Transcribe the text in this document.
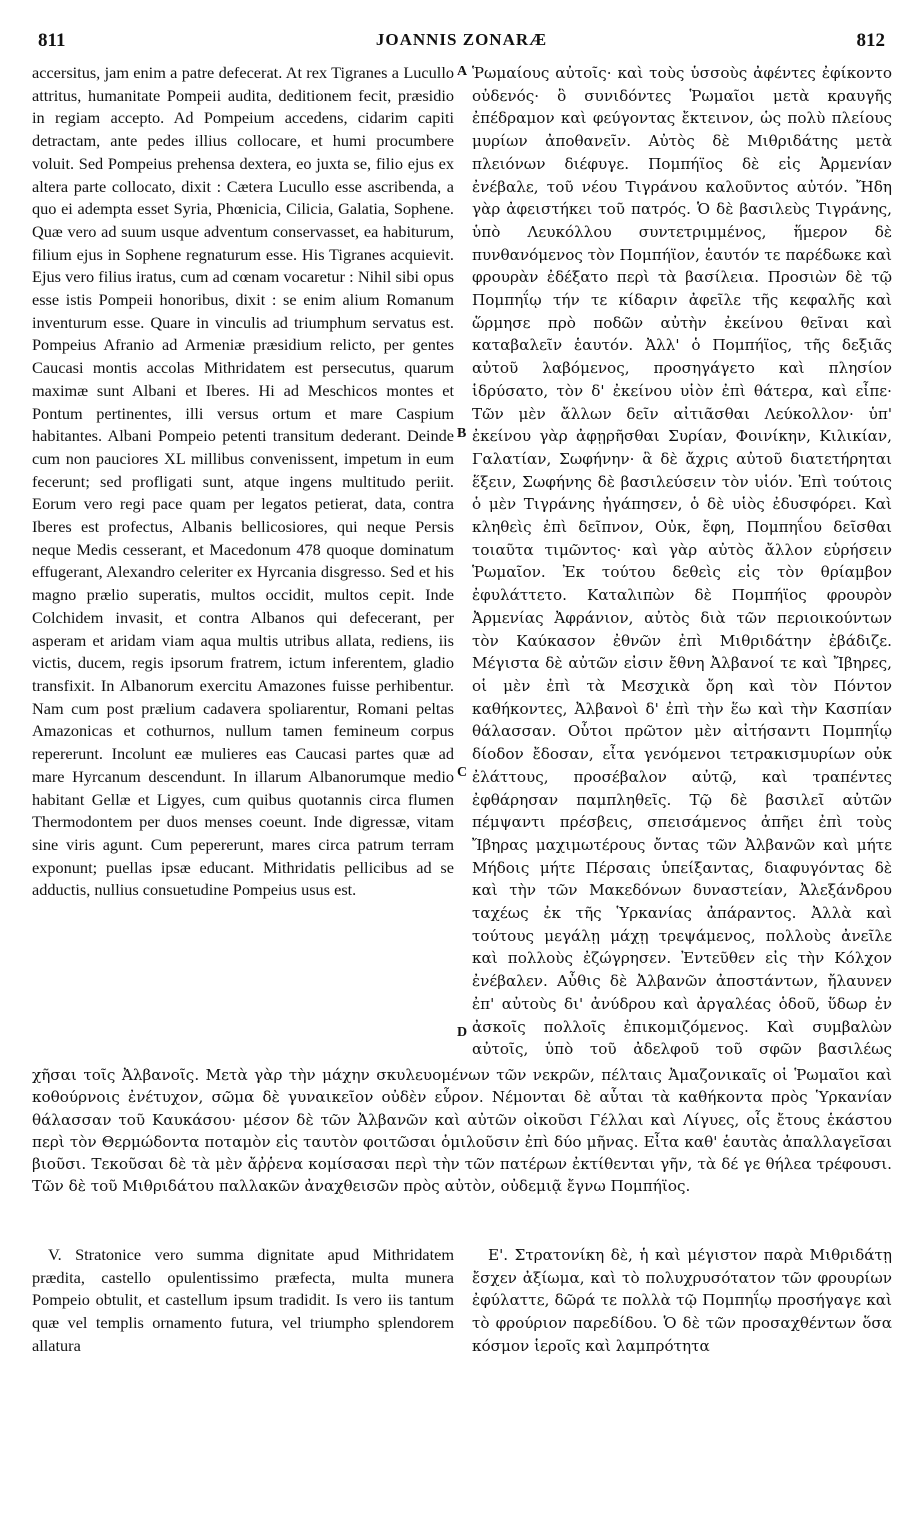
811	JOANNIS ZONARÆ	812

accersitus, jam enim a patre defecerat. At rex Tigranes a Lucullo attritus, humanitate Pompeii audita, deditionem fecit, præsidio in regiam accepto. Ad Pompeium accedens, cidarim capiti detractam, ante pedes illius collocare, et humi procumbere voluit. Sed Pompeius prehensa dextera, eo juxta se, filio ejus ex altera parte collocato, dixit : Cætera Lucullo esse ascribenda, a quo ei adempta esset Syria, Phœnicia, Cilicia, Galatia, Sophene. Quæ vero ad suum usque adventum conservasset, ea habiturum, filium ejus in Sophene regnaturum esse. His Tigranes acquievit. Ejus vero filius iratus, cum ad cœnam vocaretur : Nihil sibi opus esse istis Pompeii honoribus, dixit : se enim alium Romanum inventurum esse. Quare in vinculis ad triumphum servatus est. Pompeius Afranio ad Armeniæ præsidium relicto, per gentes Caucasi montis accolas Mithridatem est persecutus, quarum maximæ sunt Albani et Iberes. Hi ad Meschicos montes et Pontum pertinentes, illi versus ortum et mare Caspium habitantes. Albani Pompeio petenti transitum dederant. Deinde cum non pauciores XL millibus convenissent, impetum in eum fecerunt; sed profligati sunt, atque ingens multitudo periit. Eorum vero regi pace quam per legatos petierat, data, contra Iberes est profectus, Albanis bellicosiores, qui neque Persis neque Medis cesserant, et Macedonum 478 quoque dominatum effugerant, Alexandro celeriter ex Hyrcania disgresso. Sed et his magno prælio superatis, multos occidit, multos cepit. Inde Colchidem invasit, et contra Albanos qui defecerant, per asperam et aridam viam aqua multis utribus allata, rediens, iis victis, ducem, regis ipsorum fratrem, ictum inferentem, gladio transfixit. In Albanorum exercitu Amazones fuisse perhibentur. Nam cum post prælium cadavera spoliarentur, Romani peltas Amazonicas et cothurnos, nullum tamen femineum corpus repererunt. Incolunt eæ mulieres eas Caucasi partes quæ ad mare Hyrcanum descendunt. In illarum Albanorumque medio habitant Gellæ et Ligyes, cum quibus quotannis circa flumen Thermodontem per duos menses coeunt. Inde digressæ, vitam sine viris agunt. Cum pepererunt, mares circa patrum terram exponunt; puellas ipsæ educant. Mithridatis pellicibus ad se adductis, nullius consuetudine Pompeius usus est.

A
B
C
D

Ῥωμαίους αὐτοῖς· καὶ τοὺς ὑσσοὺς ἀφέντες ἐφίκοντο οὐδενός· ὃ συνιδόντες Ῥωμαῖοι μετὰ κραυγῆς ἐπέδραμον καὶ φεύγοντας ἔκτεινον, ὡς πολὺ πλείους μυρίων ἀποθανεῖν. Αὐτὸς δὲ Μιθριδάτης μετὰ πλειόνων διέφυγε. Πομπήϊος δὲ εἰς Ἀρμενίαν ἐνέβαλε, τοῦ νέου Τιγράνου καλοῦντος αὐτόν. Ἤδη γὰρ ἀφειστήκει τοῦ πατρός. Ὁ δὲ βασιλεὺς Τιγράνης, ὑπὸ Λευκόλλου συντετριμμένος, ἥμερον δὲ πυνθανόμενος τὸν Πομπήϊον, ἑαυτόν τε παρέδωκε καὶ φρουρὰν ἐδέξατο περὶ τὰ βασίλεια. Προσιὼν δὲ τῷ Πομπηΐῳ τήν τε κίδαριν ἀφεῖλε τῆς κεφαλῆς καὶ ὥρμησε πρὸ ποδῶν αὐτὴν ἐκείνου θεῖναι καὶ καταβαλεῖν ἑαυτόν. Ἀλλ' ὁ Πομπήϊος, τῆς δεξιᾶς αὐτοῦ λαβόμενος, προσηγάγετο καὶ πλησίον ἱδρύσατο, τὸν δ' ἐκείνου υἱὸν ἐπὶ θάτερα, καὶ εἶπε· Τῶν μὲν ἄλλων δεῖν αἰτιᾶσθαι Λεύκολλον· ὑπ' ἐκείνου γὰρ ἀφῃρῆσθαι Συρίαν, Φοινίκην, Κιλικίαν, Γαλατίαν, Σωφήνην· ἃ δὲ ἄχρις αὐτοῦ διατετήρηται ἕξειν, Σωφήνης δὲ βασιλεύσειν τὸν υἱόν. Ἐπὶ τούτοις ὁ μὲν Τιγράνης ἠγάπησεν, ὁ δὲ υἱὸς ἐδυσφόρει. Καὶ κληθεὶς ἐπὶ δεῖπνον, Οὐκ, ἔφη, Πομπηΐου δεῖσθαι τοιαῦτα τιμῶντος· καὶ γὰρ αὐτὸς ἄλλον εὑρήσειν Ῥωμαῖον. Ἐκ τούτου δεθεὶς εἰς τὸν θρίαμβον ἐφυλάττετο. Καταλιπὼν δὲ Πομπήϊος φρουρὸν Ἀρμενίας Ἀφράνιον, αὐτὸς διὰ τῶν περιοικούντων τὸν Καύκασον ἐθνῶν ἐπὶ Μιθριδάτην ἐβάδιζε. Μέγιστα δὲ αὐτῶν εἰσιν ἔθνη Ἀλβανοί τε καὶ Ἴβηρες, οἱ μὲν ἐπὶ τὰ Μεσχικὰ ὄρη καὶ τὸν Πόντον καθήκοντες, Ἀλβανοὶ δ' ἐπὶ τὴν ἕω καὶ τὴν Κασπίαν θάλασσαν. Οὗτοι πρῶτον μὲν αἰτήσαντι Πομπηΐῳ δίοδον ἔδοσαν, εἶτα γενόμενοι τετρακισμυρίων οὐκ ἐλάττους, προσέβαλον αὐτῷ, καὶ τραπέντες ἐφθάρησαν παμπληθεῖς. Τῷ δὲ βασιλεῖ αὐτῶν πέμψαντι πρέσβεις, σπεισάμενος ἀπῆει ἐπὶ τοὺς Ἴβηρας μαχιμωτέρους ὄντας τῶν Ἀλβανῶν καὶ μήτε Μήδοις μήτε Πέρσαις ὑπείξαντας, διαφυγόντας δὲ καὶ τὴν τῶν Μακεδόνων δυναστείαν, Ἀλεξάνδρου ταχέως ἐκ τῆς Ὑρκανίας ἀπάραντος. Ἀλλὰ καὶ τούτους μεγάλῃ μάχῃ τρεψάμενος, πολλοὺς ἀνεῖλε καὶ πολλοὺς ἐζώγρησεν. Ἐντεῦθεν εἰς τὴν Κόλχον ἐνέβαλεν. Αὖθις δὲ Ἀλβανῶν ἀποστάντων, ἤλαυνεν ἐπ' αὐτοὺς δι' ἀνύδρου καὶ ἀργαλέας ὁδοῦ, ὕδωρ ἐν ἀσκοῖς πολλοῖς ἐπικομιζόμενος. Καὶ συμβαλὼν αὐτοῖς, ὑπὸ τοῦ ἀδελφοῦ τοῦ σφῶν βασιλέως

χῆσαι τοῖς Ἀλβανοῖς. Μετὰ γὰρ τὴν μάχην σκυλευομένων τῶν νεκρῶν, πέλταις Ἀμαζονικαῖς οἱ Ῥωμαῖοι καὶ κοθούρνοις ἐνέτυχον, σῶμα δὲ γυναικεῖον οὐδὲν εὗρον. Νέμονται δὲ αὗται τὰ καθήκοντα πρὸς Ὑρκανίαν θάλασσαν τοῦ Καυκάσου· μέσον δὲ τῶν Ἀλβανῶν καὶ αὐτῶν οἰκοῦσι Γέλλαι καὶ Λίγυες, οἷς ἔτους ἑκάστου περὶ τὸν Θερμώδοντα ποταμὸν εἰς ταυτὸν φοιτῶσαι ὁμιλοῦσιν ἐπὶ δύο μῆνας. Εἶτα καθ' ἑαυτὰς ἀπαλλαγεῖσαι βιοῦσι. Τεκοῦσαι δὲ τὰ μὲν ἄῤῥενα κομίσασαι περὶ τὴν τῶν πατέρων ἐκτίθενται γῆν, τὰ δέ γε θήλεα τρέφουσι. Τῶν δὲ τοῦ Μιθριδάτου παλλακῶν ἀναχθεισῶν πρὸς αὐτὸν, οὐδεμιᾷ ἔγνω Πομπήϊος.

V. Stratonice vero summa dignitate apud Mithridatem prædita, castello opulentissimo præfecta, multa munera Pompeio obtulit, et castellum ipsum tradidit. Is vero iis tantum quæ vel templis ornamento futura, vel triumpho splendorem allatura

Ε'. Στρατονίκη δὲ, ἡ καὶ μέγιστον παρὰ Μιθριδάτῃ ἔσχεν ἀξίωμα, καὶ τὸ πολυχρυσότατον τῶν φρουρίων ἐφύλαττε, δῶρά τε πολλὰ τῷ Πομπηΐῳ προσήγαγε καὶ τὸ φρούριον παρεδίδου. Ὁ δὲ τῶν προσαχθέντων ὅσα κόσμον ἱεροῖς καὶ λαμπρότητα
